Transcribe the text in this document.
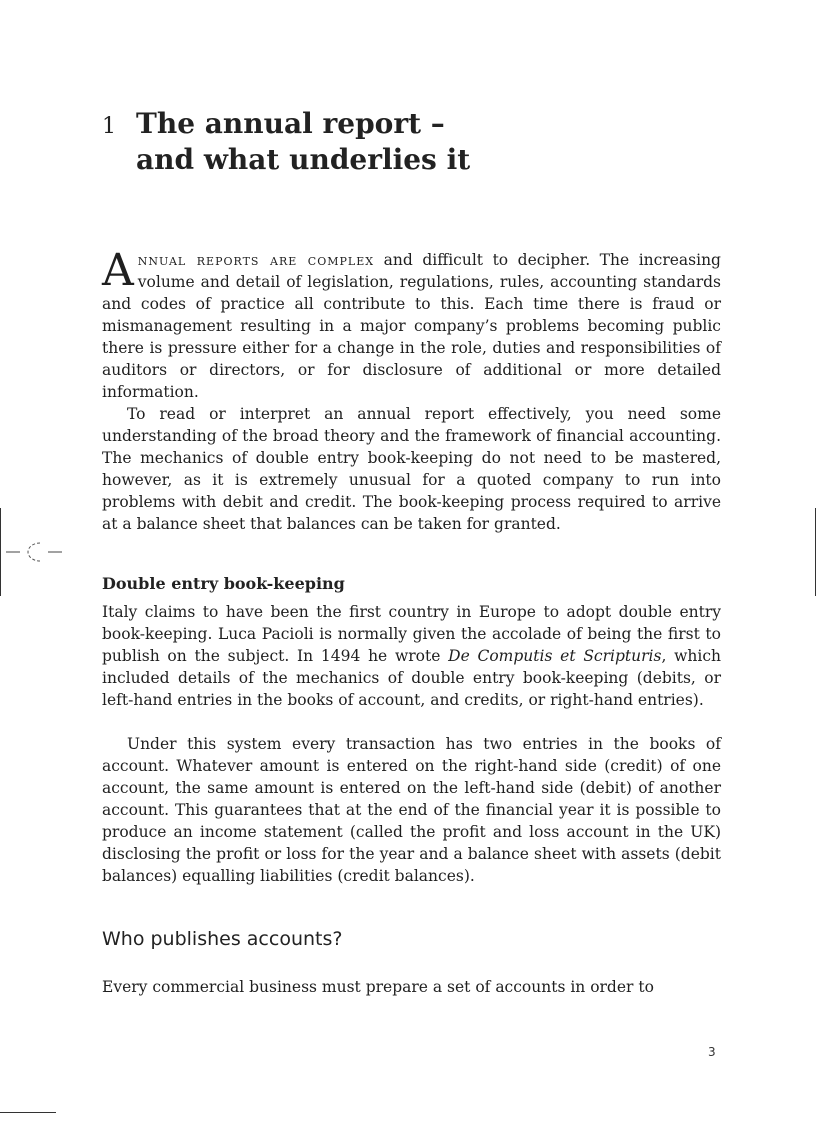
1 The annual report –
and what underlies it

Annual reports are complex and difficult to decipher. The increasing volume and detail of legislation, regulations, rules, accounting standards and codes of practice all contribute to this. Each time there is fraud or mismanagement resulting in a major company’s problems becoming public there is pressure either for a change in the role, duties and responsibilities of auditors or directors, or for disclosure of additional or more detailed information.

To read or interpret an annual report effectively, you need some understanding of the broad theory and the framework of financial accounting. The mechanics of double entry book-keeping do not need to be mastered, however, as it is extremely unusual for a quoted company to run into problems with debit and credit. The book-keeping process required to arrive at a balance sheet that balances can be taken for granted.

Double entry book-keeping

Italy claims to have been the first country in Europe to adopt double entry book-keeping. Luca Pacioli is normally given the accolade of being the first to publish on the subject. In 1494 he wrote De Computis et Scripturis, which included details of the mechanics of double entry book-keeping (debits, or left-hand entries in the books of account, and credits, or right-hand entries).

Under this system every transaction has two entries in the books of account. Whatever amount is entered on the right-hand side (credit) of one account, the same amount is entered on the left-hand side (debit) of another account. This guarantees that at the end of the financial year it is possible to produce an income statement (called the profit and loss account in the UK) disclosing the profit or loss for the year and a balance sheet with assets (debit balances) equalling liabilities (credit balances).

Who publishes accounts?

Every commercial business must prepare a set of accounts in order to

3
